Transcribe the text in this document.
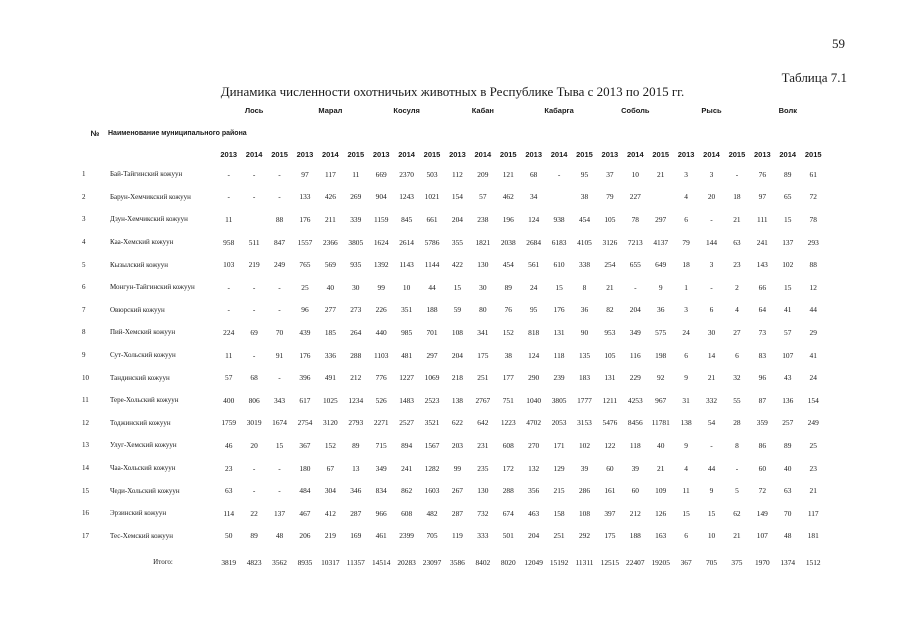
59
Таблица 7.1
Динамика численности охотничьих животных в Республике Тыва с 2013 по 2015 гг.
№	Наименование муниципального района	Лось			Марал			Косуля			Кабан			Кабарга			Соболь			Рысь			Волк		
		2013	2014	2015	2013	2014	2015	2013	2014	2015	2013	2014	2015	2013	2014	2015	2013	2014	2015	2013	2014	2015	2013	2014	2015
1	Бай-Тайгинский кожуун	-	-	-	97	117	11	669	2370	503	112	209	121	68	-	95	37	10	21	3	3	-	76	89	61
2	Барун-Хемчикский кожуун	-	-	-	133	426	269	904	1243	1021	154	57	462	34		38	79	227		4	20	18	97	65	72
3	Дзун-Хемчикский кожуун	11		88	176	211	339	1159	845	661	204	238	196	124	938	454	105	78	297	6	-	21	111	15	78
4	Каа-Хемский кожуун	958	511	847	1557	2366	3805	1624	2614	5786	355	1821	2038	2684	6183	4105	3126	7213	4137	79	144	63	241	137	293
5	Кызылский кожуун	103	219	249	765	569	935	1392	1143	1144	422	130	454	561	610	338	254	655	649	18	3	23	143	102	88
6	Монгун-Тайгинский кожуун	-	-	-	25	40	30	99	10	44	15	30	89	24	15	8	21	-	9	1	-	2	66	15	12
7	Овюрский кожуун	-	-	-	96	277	273	226	351	188	59	80	76	95	176	36	82	204	36	3	6	4	64	41	44
8	Пий-Хемский кожуун	224	69	70	439	185	264	440	985	701	108	341	152	818	131	90	953	349	575	24	30	27	73	57	29
9	Сут-Хольский кожуун	11	-	91	176	336	288	1103	481	297	204	175	38	124	118	135	105	116	198	6	14	6	83	107	41
10	Тандинский кожуун	57	68	-	396	491	212	776	1227	1069	218	251	177	290	239	183	131	229	92	9	21	32	96	43	24
11	Тере-Хольский кожуун	400	806	343	617	1025	1234	526	1483	2523	138	2767	751	1040	3805	1777	1211	4253	967	31	332	55	87	136	154
12	Тоджинский кожуун	1759	3019	1674	2754	3120	2793	2271	2527	3521	622	642	1223	4702	2053	3153	5476	8456	11781	138	54	28	359	257	249
13	Улуг-Хемский кожуун	46	20	15	367	152	89	715	894	1567	203	231	608	270	171	102	122	118	40	9	-	8	86	89	25
14	Чаа-Хольский кожуун	23	-	-	180	67	13	349	241	1282	99	235	172	132	129	39	60	39	21	4	44	-	60	40	23
15	Чеди-Хольский кожуун	63	-	-	484	304	346	834	862	1603	267	130	288	356	215	286	161	60	109	11	9	5	72	63	21
16	Эрзинский кожуун	114	22	137	467	412	287	966	608	482	287	732	674	463	158	108	397	212	126	15	15	62	149	70	117
17	Тес-Хемский кожуун	50	89	48	206	219	169	461	2399	705	119	333	501	204	251	292	175	188	163	6	10	21	107	48	181
	Итого:	3819	4823	3562	8935	10317	11357	14514	20283	23097	3586	8402	8020	12049	15192	11311	12515	22407	19205	367	705	375	1970	1374	1512
